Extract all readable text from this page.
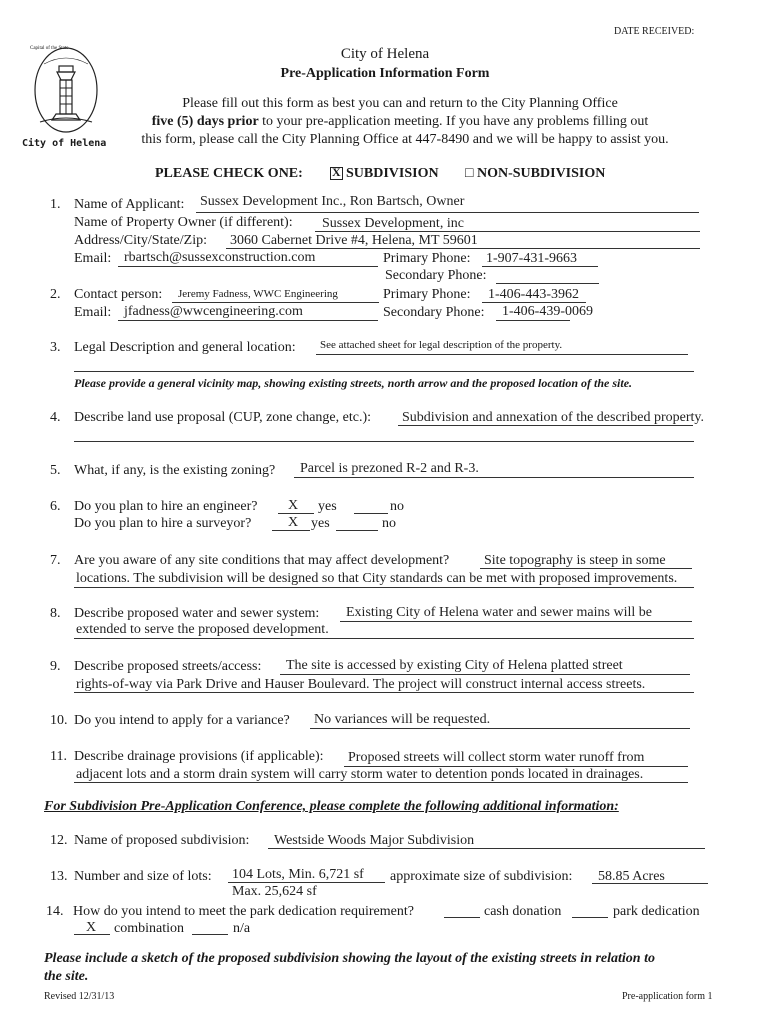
DATE RECEIVED:
Capital of the State
City of Helena
City of Helena
Pre-Application Information Form
Please fill out this form as best you can and return to the City Planning Office
five (5) days prior to your pre-application meeting. If you have any problems filling out
this form, please call the City Planning Office at 447-8490 and we will be happy to assist you.
PLEASE CHECK ONE: X SUBDIVISION □ NON-SUBDIVISION
1. Name of Applicant: Sussex Development Inc., Ron Bartsch, Owner
Name of Property Owner (if different): Sussex Development, inc
Address/City/State/Zip: 3060 Cabernet Drive #4, Helena, MT 59601
Email: rbartsch@sussexconstruction.com	Primary Phone: 1-907-431-9663
Secondary Phone:
2. Contact person: Jeremy Fadness, WWC Engineering	Primary Phone: 1-406-443-3962
Email: jfadness@wwcengineering.com	Secondary Phone: 1-406-439-0069
3. Legal Description and general location: See attached sheet for legal description of the property.
Please provide a general vicinity map, showing existing streets, north arrow and the proposed location of the site.
4. Describe land use proposal (CUP, zone change, etc.): Subdivision and annexation of the described property.
5. What, if any, is the existing zoning? Parcel is prezoned R-2 and R-3.
6. Do you plan to hire an engineer? X yes	no
Do you plan to hire a surveyor?	X yes	no
7. Are you aware of any site conditions that may affect development? Site topography is steep in some
locations. The subdivision will be designed so that City standards can be met with proposed improvements.
8. Describe proposed water and sewer system: Existing City of Helena water and sewer mains will be
extended to serve the proposed development.
9. Describe proposed streets/access: The site is accessed by existing City of Helena platted street
rights-of-way via Park Drive and Hauser Boulevard. The project will construct internal access streets.
10. Do you intend to apply for a variance? No variances will be requested.
11. Describe drainage provisions (if applicable): Proposed streets will collect storm water runoff from
adjacent lots and a storm drain system will carry storm water to detention ponds located in drainages.
For Subdivision Pre-Application Conference, please complete the following additional information:
12. Name of proposed subdivision: Westside Woods Major Subdivision
13. Number and size of lots: 104 Lots, Min. 6,721 sf
Max. 25,624 sf
approximate size of subdivision: 58.85 Acres
14. How do you intend to meet the park dedication requirement?	cash donation	park dedication
X combination	n/a
Please include a sketch of the proposed subdivision showing the layout of the existing streets in relation to
the site.
Revised 12/31/13	Pre-application form 1
